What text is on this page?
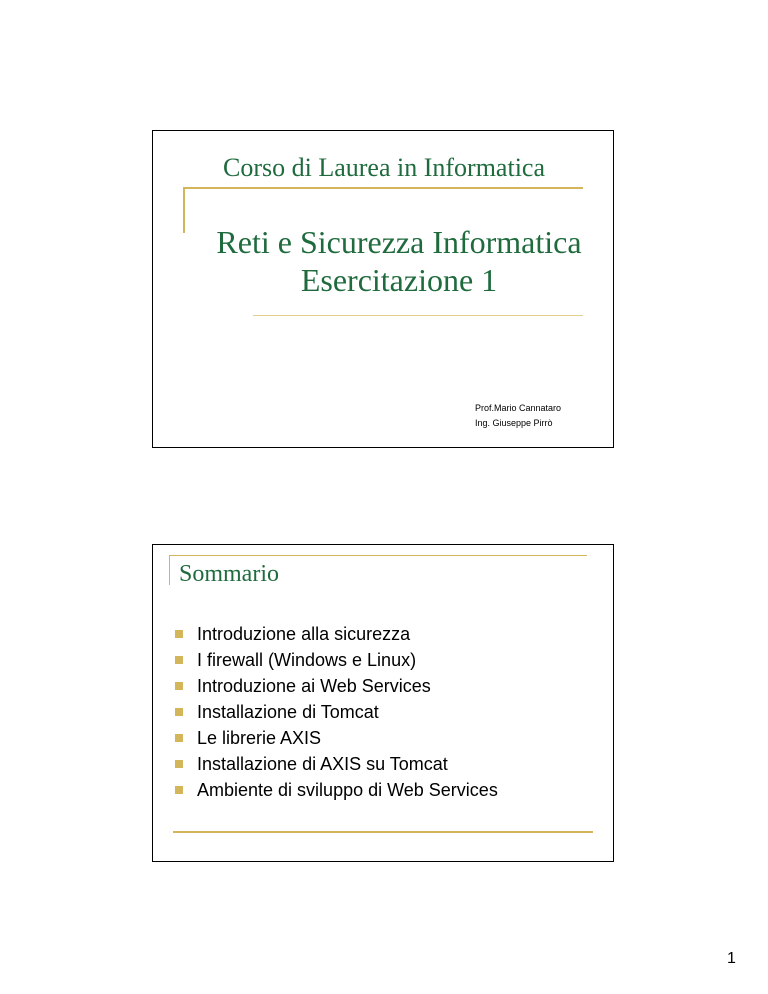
Corso di Laurea in Informatica
Reti e Sicurezza Informatica
Esercitazione 1
Prof.Mario Cannataro
Ing. Giuseppe Pirrò
Sommario
Introduzione alla sicurezza
I firewall (Windows e Linux)
Introduzione ai Web Services
Installazione di Tomcat
Le librerie AXIS
Installazione di AXIS su Tomcat
Ambiente di sviluppo di Web Services
1
